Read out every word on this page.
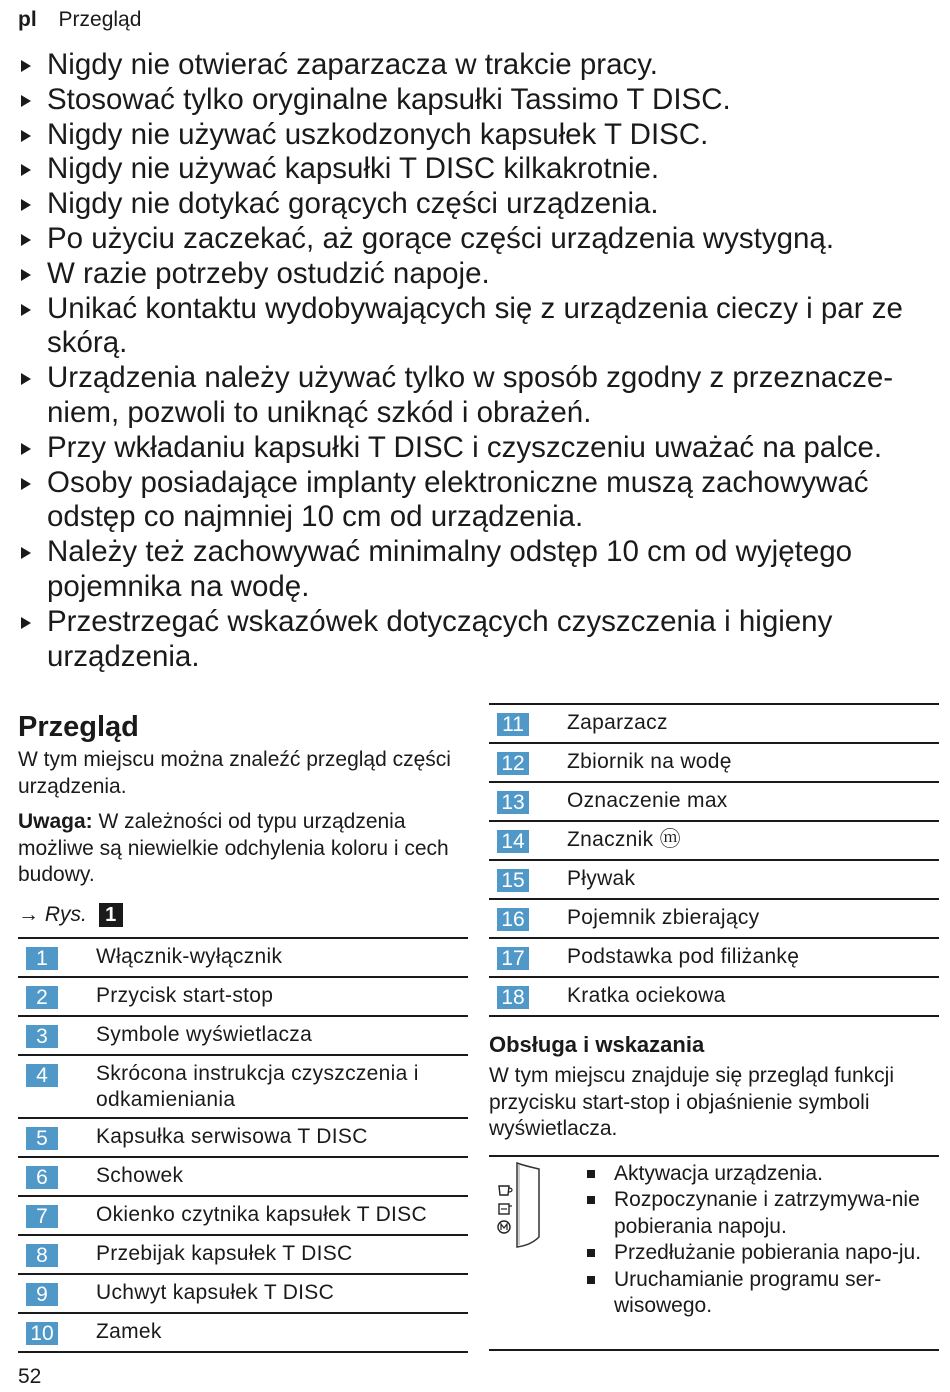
pl Przegląd
Nigdy nie otwierać zaparzacza w trakcie pracy.
Stosować tylko oryginalne kapsułki Tassimo T DISC.
Nigdy nie używać uszkodzonych kapsułek T DISC.
Nigdy nie używać kapsułki T DISC kilkakrotnie.
Nigdy nie dotykać gorących części urządzenia.
Po użyciu zaczekać, aż gorące części urządzenia wystygną.
W razie potrzeby ostudzić napoje.
Unikać kontaktu wydobywających się z urządzenia cieczy i par ze skórą.
Urządzenia należy używać tylko w sposób zgodny z przeznacze-niem, pozwoli to uniknąć szkód i obrażeń.
Przy wkładaniu kapsułki T DISC i czyszczeniu uważać na palce.
Osoby posiadające implanty elektroniczne muszą zachowywać odstęp co najmniej 10 cm od urządzenia.
Należy też zachowywać minimalny odstęp 10 cm od wyjętego pojemnika na wodę.
Przestrzegać wskazówek dotyczących czyszczenia i higieny urządzenia.
Przegląd

W tym miejscu można znaleźć przegląd części urządzenia.

Uwaga: W zależności od typu urządzenia możliwe są niewielkie odchylenia koloru i cech budowy.

→ Rys. 1
1	Włącznik-wyłącznik
2	Przycisk start-stop
3	Symbole wyświetlacza
4	Skrócona instrukcja czyszczenia i odkamieniania
5	Kapsułka serwisowa T DISC
6	Schowek
7	Okienko czytnika kapsułek T DISC
8	Przebijak kapsułek T DISC
9	Uchwyt kapsułek T DISC
10 Zamek
11 Zaparzacz
12 Zbiornik na wodę
13 Oznaczenie max
14 Znacznik ⓜ
15 Pływak
16 Pojemnik zbierający
17 Podstawka pod filiżankę
18 Kratka ociekowa
Obsługa i wskazania

W tym miejscu znajduje się przegląd funkcji przycisku start-stop i objaśnienie symboli wyświetlacza.

Aktywacja urządzenia.
Rozpoczynanie i zatrzymywa-nie pobierania napoju.
Przedłużanie pobierania napo-ju.
Uruchamianie programu ser-wisowego.
52
